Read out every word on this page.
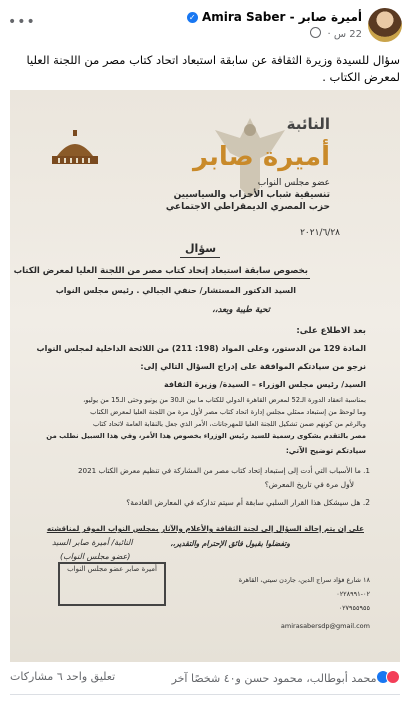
أميرة صابر - Amira Saber ✓
22 س ·
•••
سؤال للسيدة وزيرة الثقافة عن سابقة استبعاد اتحاد كتاب مصر من اللجنة العليا لمعرض الكتاب .
النائبة
أميرة صابر
عضو مجلس النواب
تنسيقية شباب الأحزاب والسياسيين
حزب المصري الديمقراطي الاجتماعي
٢٠٢١/٦/٢٨
سؤال
بخصوص سابقة استبعاد إتحاد كتاب مصر من اللجنة العليا لمعرض الكتاب
السيد الدكتور المستشار/ حنفي الجبالي . رئيس مجلس النواب
تحية طيبة وبعد،،
بعد الاطلاع على:
المادة 129 من الدستور، وعلى المواد (198: 211) من اللائحة الداخلية لمجلس النواب
نرجو من سيادتكم الموافقة على إدراج السؤال التالي إلى:
السيد/ رئيس مجلس الوزراء – السيدة/ وزيرة الثقافة
بمناسبة انعقاد الدورة الـ52 لمعرض القاهرة الدولي للكتاب ما بين الـ30 من يونيو وحتى الـ15 من يوليو،
وما لوحظ من إستبعاد ممثلي مجلس إدارة اتحاد كتاب مصر لأول مرة من اللجنة العليا لمعرض الكتاب
وبالرغم من كونهم ضمن تشكيل اللجنة العليا للمهرجانات، الأمر الذي جعل بالنقابة العامة لاتحاد كتاب
مصر بالتقدم بشكوى رسمية للسيد رئيس الوزراء بخصوص هذا الأمر، وفي هذا السبيل نطلب من
سيادتكم توضيح الآتي:
1. ما الأسباب التي أدت إلى إستبعاد إتحاد كتاب مصر من المشاركة في تنظيم معرض الكتاب 2021
لأول مرة في تاريخ المعرض؟
2. هل سيشكل هذا القرار السلبي سابقة أم سيتم تداركه في المعارض القادمة؟
على إن يتم إحالة السؤال إلى لجنة الثقافة والأعلام والآثار بمجلس النواب الموقر لمناقشته
وتفضلوا بقبول فائق الإحترام والتقدير،،
النائبة/ أميرة صابر السيد
(عضو مجلس النواب)
أميرة صابر عضو مجلس النواب
١٨ شارع فؤاد سراج الدين، جاردن سيتي، القاهرة
٠٢-٠٢٢٨٩٩١
٠٢٧٩٥٥٩٥٥
amirasabersdp@gmail.com
محمد أبوطالب، محمود حسن و٤٠ شخصًا آخر
تعليق واحد ٦ مشاركات
